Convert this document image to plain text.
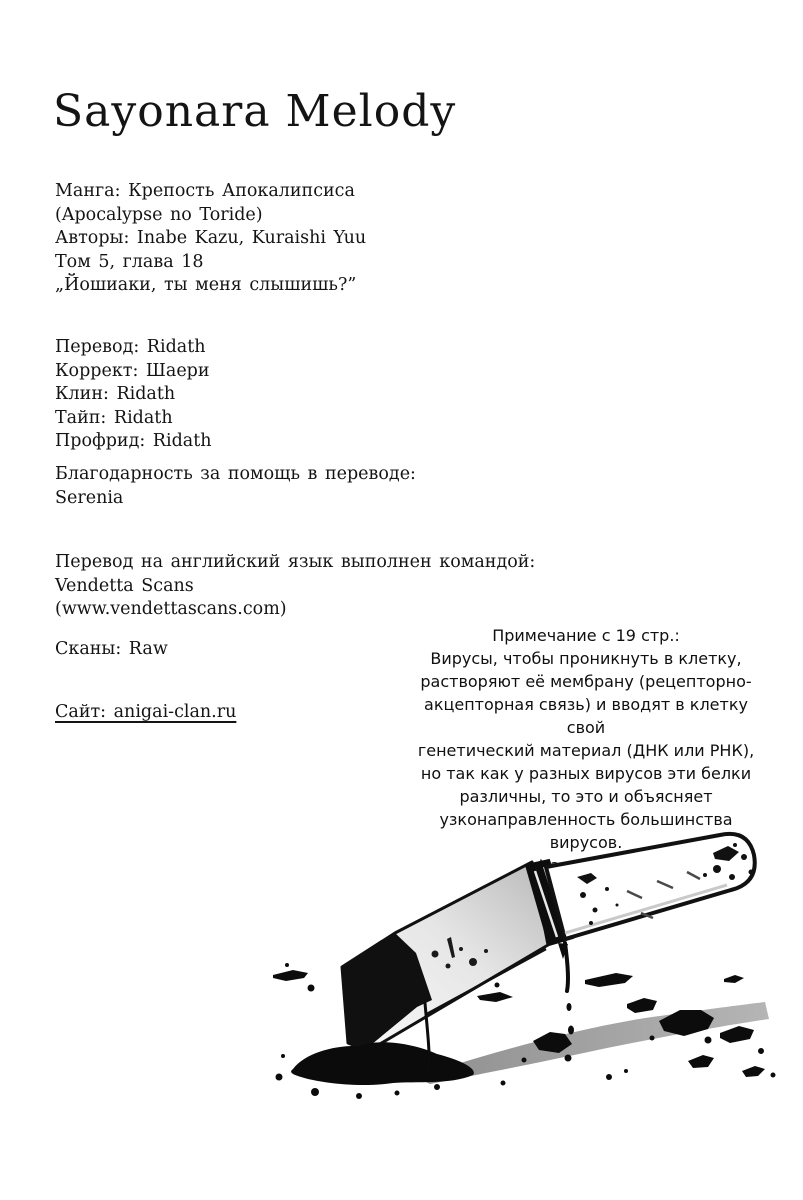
Sayonara Melody
Манга: Крепость Апокалипсиса
(Apocalypse no Toride)
Авторы: Inabe Kazu, Kuraishi Yuu
Том 5, глава 18
„Йошиаки, ты меня слышишь?”
Перевод: Ridath
Коррект: Шаери
Клин: Ridath
Тайп: Ridath
Профрид: Ridath
Благодарность за помощь в переводе:
Serenia
Перевод на английский язык выполнен командой:
Vendetta Scans
(www.vendettascans.com)
Сканы: Raw
Сайт: anigai-clan.ru
Примечание с 19 стр.:
Вирусы, чтобы проникнуть в клетку,
растворяют её мембрану (рецепторно-
акцепторная связь) и вводят в клетку свой
генетический материал (ДНК или РНК),
но так как у разных вирусов эти белки
различны, то это и объясняет
узконаправленность большинства вирусов.
